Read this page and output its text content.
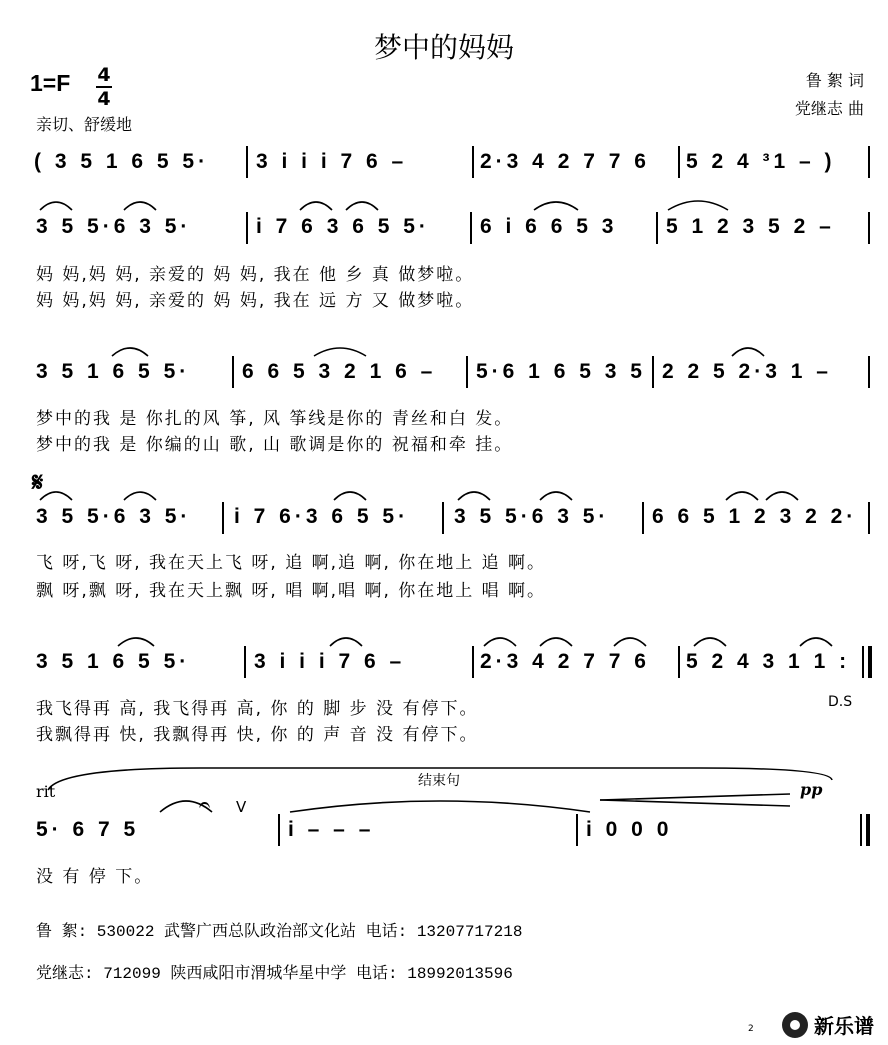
梦中的妈妈
1=F 4
4
亲切、舒缓地
鲁 絮 词
党继志 曲
( 3 5 1 6 5 5· 3 i i i 7 6 –	2·3 4 2 7 7 6 5 2 4 ³1 – )
3 5 5·6 3 5·	i 7 6 3 6 5 5· 6 i 6 6 5 3 5 1 2 3 5 2 –
妈 妈,妈 妈, 亲爱的 妈 妈, 我在 他 乡 真 做梦啦。
妈 妈,妈 妈, 亲爱的 妈 妈, 我在 远 方 又 做梦啦。
3 5 1 6 5 5· 6 6 5 3 2 1 6 – 5·6 1 6 5 3 5 2 2 5 2·3 1 –
梦中的我 是 你扎的风 筝, 风 筝线是你的 青丝和白 发。
梦中的我 是 你编的山 歌, 山 歌调是你的 祝福和牵 挂。
𝄋
3 5 5·6 3 5· i 7 6·3 6 5 5· 3 5 5·6 3 5· 6 6 5 1 2 3 2 2·
飞 呀,飞 呀, 我在天上飞 呀, 追 啊,追 啊, 你在地上 追 啊。
飘 呀,飘 呀, 我在天上飘 呀, 唱 啊,唱 啊, 你在地上 唱 啊。
3 5 1 6 5 5·	3 i i i 7 6 –	2·3 4 2 7 7 6 5 2 4 3 1 1 :
我飞得再 高, 我飞得再 高, 你 的 脚 步 没 有停下。	D.S
我飘得再 快, 我飘得再 快, 你 的 声 音 没 有停下。
rit
结束句	pp
𝄐 V
5· 6 7 5	i – – –	i 0 0 0
没 有 停 下。
鲁 絮: 530022 武警广西总队政治部文化站 电话: 13207717218
党继志: 712099 陕西咸阳市渭城华星中学 电话: 18992013596
2	新乐谱
